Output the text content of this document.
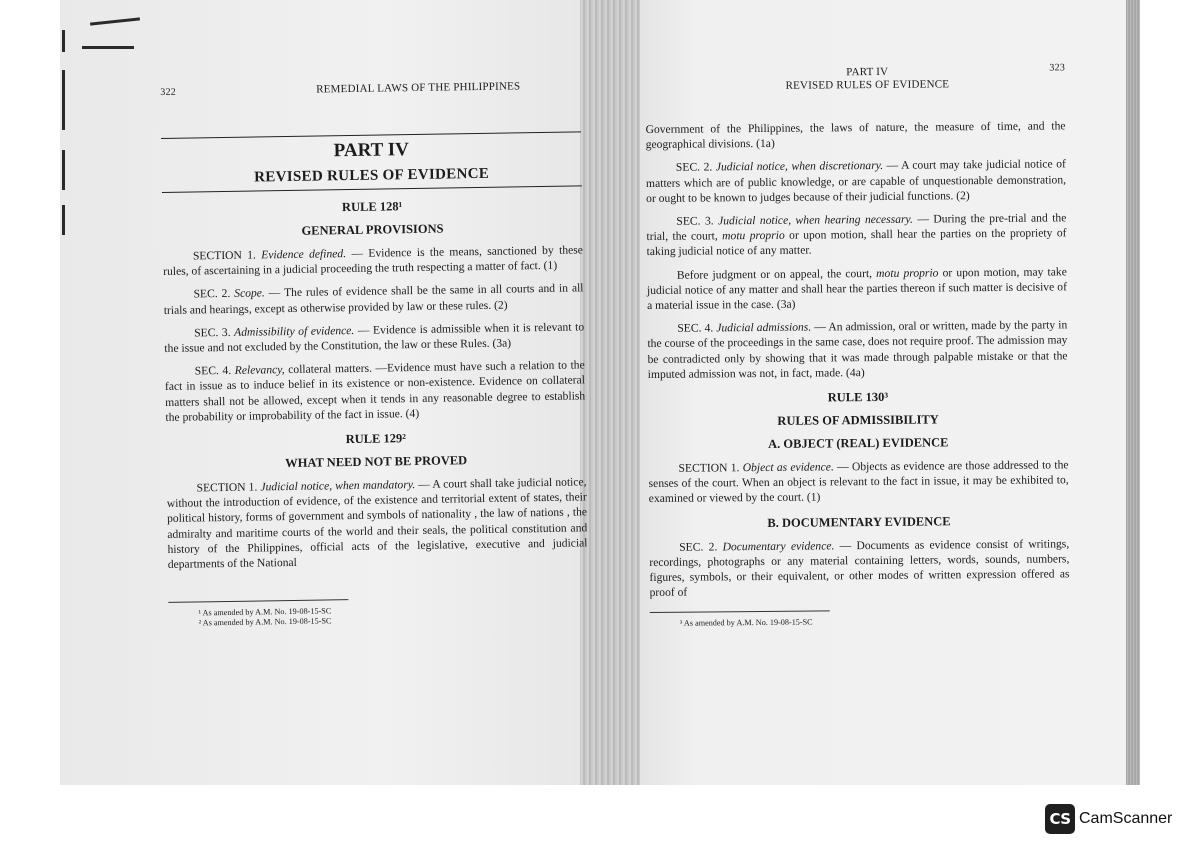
322	REMEDIAL LAWS OF THE PHILIPPINES
PART IV
REVISED RULES OF EVIDENCE
RULE 128¹
GENERAL PROVISIONS

SECTION 1. Evidence defined. — Evidence is the means, sanctioned by these rules, of ascertaining in a judicial proceeding the truth respecting a matter of fact. (1)

SEC. 2. Scope. — The rules of evidence shall be the same in all courts and in all trials and hearings, except as otherwise provided by law or these rules. (2)

SEC. 3. Admissibility of evidence. — Evidence is admissible when it is relevant to the issue and not excluded by the Constitution, the law or these Rules. (3a)

SEC. 4. Relevancy, collateral matters. —Evidence must have such a relation to the fact in issue as to induce belief in its existence or non-existence. Evidence on collateral matters shall not be allowed, except when it tends in any reasonable degree to establish the probability or improbability of the fact in issue. (4)

RULE 129²
WHAT NEED NOT BE PROVED

SECTION 1. Judicial notice, when mandatory. — A court shall take judicial notice, without the introduction of evidence, of the existence and territorial extent of states, their political history, forms of government and symbols of nationality , the law of nations , the admiralty and maritime courts of the world and their seals, the political constitution and history of the Philippines, official acts of the legislative, executive and judicial departments of the National

¹ As amended by A.M. No. 19-08-15-SC
² As amended by A.M. No. 19-08-15-SC
PART IV
REVISED RULES OF EVIDENCE
323

Government of the Philippines, the laws of nature, the measure of time, and the geographical divisions. (1a)

SEC. 2. Judicial notice, when discretionary. — A court may take judicial notice of matters which are of public knowledge, or are capable of unquestionable demonstration, or ought to be known to judges because of their judicial functions. (2)

SEC. 3. Judicial notice, when hearing necessary. — During the pre-trial and the trial, the court, motu proprio or upon motion, shall hear the parties on the propriety of taking judicial notice of any matter.

Before judgment or on appeal, the court, motu proprio or upon motion, may take judicial notice of any matter and shall hear the parties thereon if such matter is decisive of a material issue in the case. (3a)

SEC. 4. Judicial admissions. — An admission, oral or written, made by the party in the course of the proceedings in the same case, does not require proof. The admission may be contradicted only by showing that it was made through palpable mistake or that the imputed admission was not, in fact, made. (4a)

RULE 130³
RULES OF ADMISSIBILITY
A. OBJECT (REAL) EVIDENCE

SECTION 1. Object as evidence. — Objects as evidence are those addressed to the senses of the court. When an object is relevant to the fact in issue, it may be exhibited to, examined or viewed by the court. (1)

B. DOCUMENTARY EVIDENCE

SEC. 2. Documentary evidence. — Documents as evidence consist of writings, recordings, photographs or any material containing letters, words, sounds, numbers, figures, symbols, or their equivalent, or other modes of written expression offered as proof of

³ As amended by A.M. No. 19-08-15-SC
CS CamScanner
